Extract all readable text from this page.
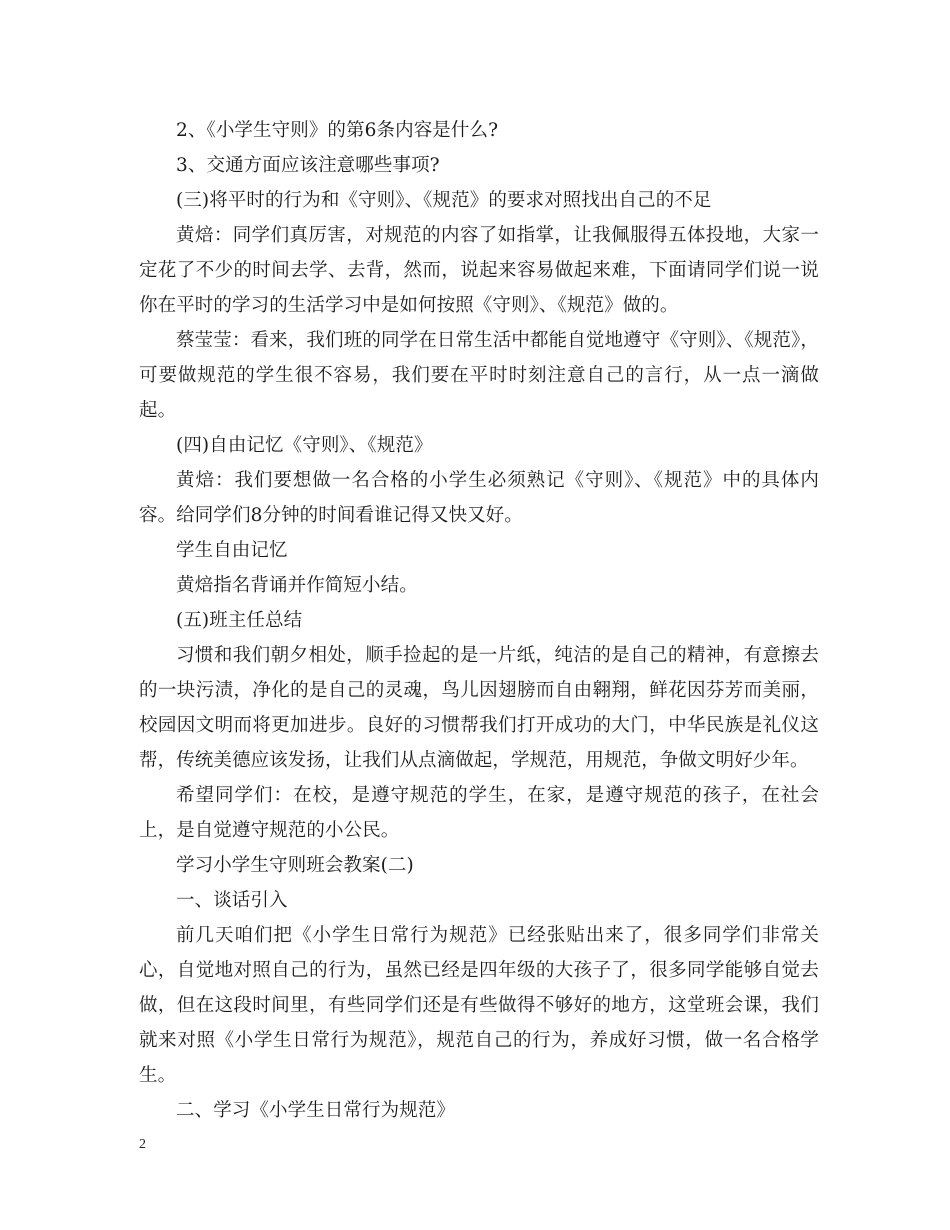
2、《小学生守则》的第6条内容是什么?

3、交通方面应该注意哪些事项?

(三)将平时的行为和《守则》、《规范》的要求对照找出自己的不足

黄焙：同学们真厉害，对规范的内容了如指掌，让我佩服得五体投地，大家一定花了不少的时间去学、去背，然而，说起来容易做起来难，下面请同学们说一说你在平时的学习的生活学习中是如何按照《守则》、《规范》做的。

蔡莹莹：看来，我们班的同学在日常生活中都能自觉地遵守《守则》、《规范》，可要做规范的学生很不容易，我们要在平时时刻注意自己的言行，从一点一滴做起。

(四)自由记忆《守则》、《规范》

黄焙：我们要想做一名合格的小学生必须熟记《守则》、《规范》中的具体内容。给同学们8分钟的时间看谁记得又快又好。

学生自由记忆

黄焙指名背诵并作简短小结。

(五)班主任总结

习惯和我们朝夕相处，顺手捡起的是一片纸，纯洁的是自己的精神，有意擦去的一块污渍，净化的是自己的灵魂，鸟儿因翅膀而自由翱翔，鲜花因芬芳而美丽，校园因文明而将更加进步。良好的习惯帮我们打开成功的大门，中华民族是礼仪这帮，传统美德应该发扬，让我们从点滴做起，学规范，用规范，争做文明好少年。

希望同学们：在校，是遵守规范的学生，在家，是遵守规范的孩子，在社会上，是自觉遵守规范的小公民。

学习小学生守则班会教案(二)

一、谈话引入

前几天咱们把《小学生日常行为规范》已经张贴出来了，很多同学们非常关心，自觉地对照自己的行为，虽然已经是四年级的大孩子了，很多同学能够自觉去做，但在这段时间里，有些同学们还是有些做得不够好的地方，这堂班会课，我们就来对照《小学生日常行为规范》，规范自己的行为，养成好习惯，做一名合格学生。

二、学习《小学生日常行为规范》

2
